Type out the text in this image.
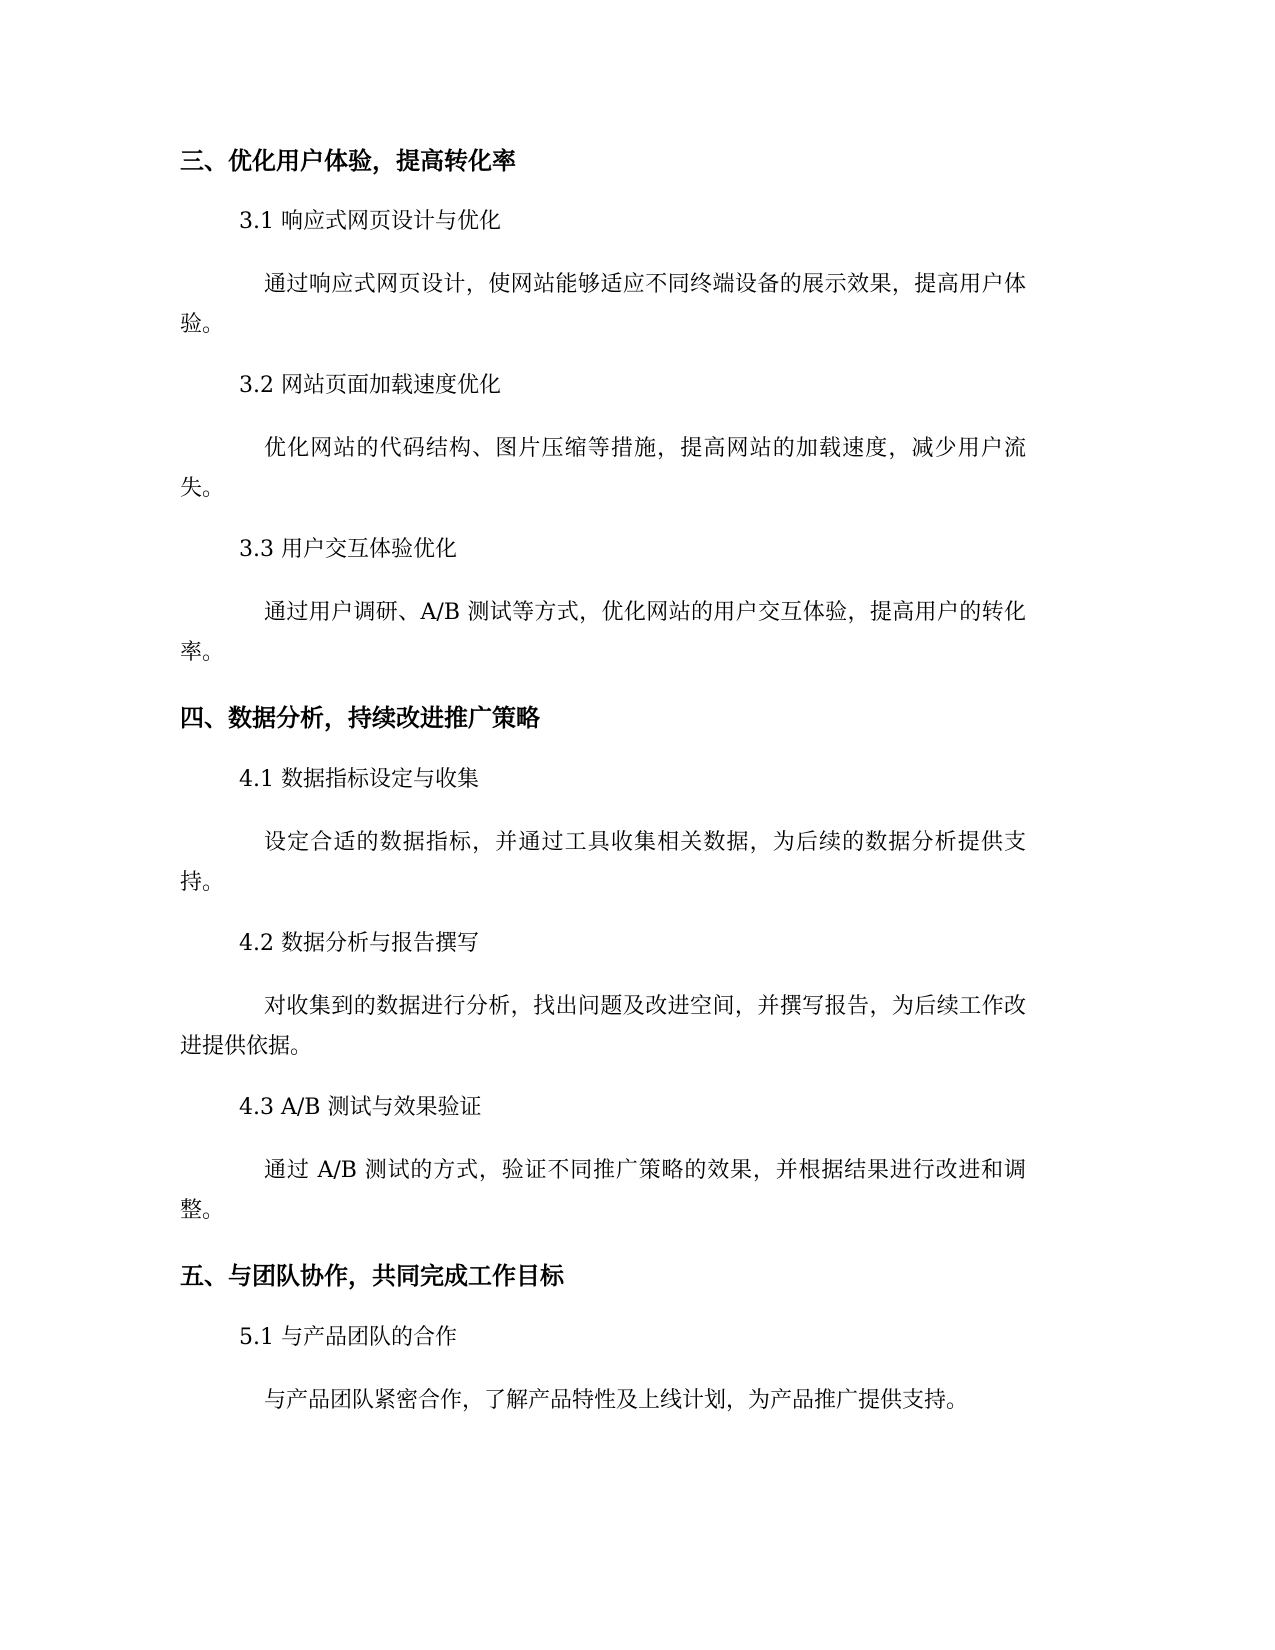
三、优化用户体验，提高转化率
3.1 响应式网页设计与优化

通过响应式网页设计，使网站能够适应不同终端设备的展示效果，提高用户体验。

3.2 网站页面加载速度优化

优化网站的代码结构、图片压缩等措施，提高网站的加载速度，减少用户流失。

3.3 用户交互体验优化

通过用户调研、A/B 测试等方式，优化网站的用户交互体验，提高用户的转化率。

四、数据分析，持续改进推广策略
4.1 数据指标设定与收集

设定合适的数据指标，并通过工具收集相关数据，为后续的数据分析提供支持。

4.2 数据分析与报告撰写

对收集到的数据进行分析，找出问题及改进空间，并撰写报告，为后续工作改进提供依据。

4.3 A/B 测试与效果验证

通过 A/B 测试的方式，验证不同推广策略的效果，并根据结果进行改进和调整。

五、与团队协作，共同完成工作目标
5.1 与产品团队的合作

与产品团队紧密合作，了解产品特性及上线计划，为产品推广提供支持。
